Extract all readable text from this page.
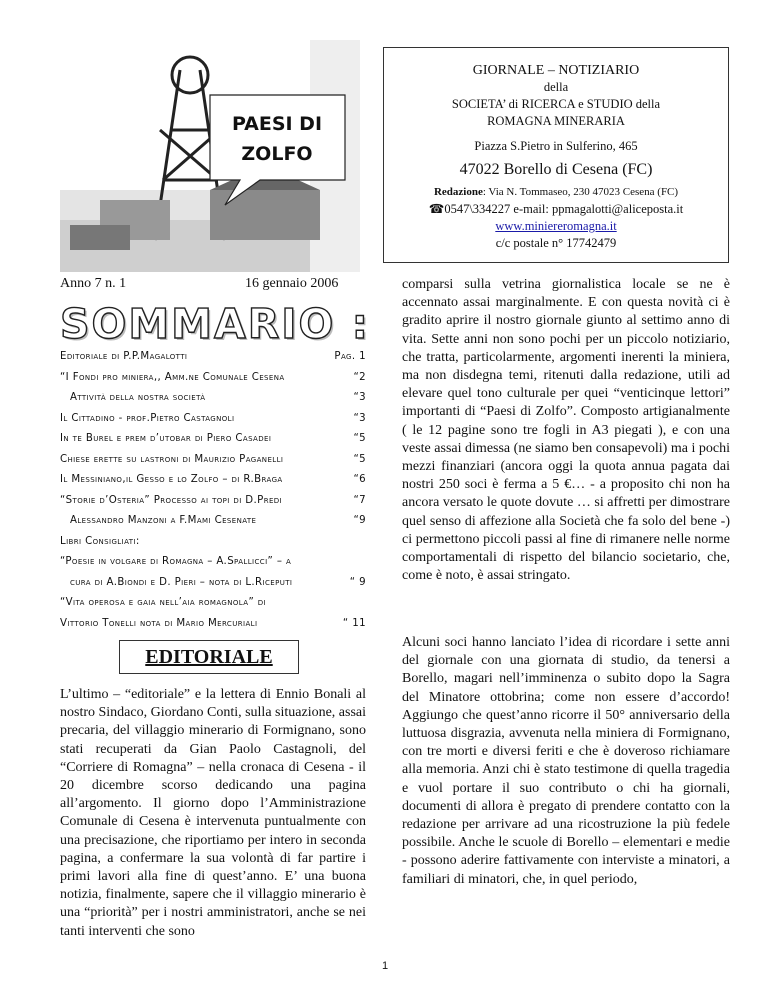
PAESI DI
ZOLFO
GIORNALE – NOTIZIARIO
della
SOCIETA’ di RICERCA e STUDIO della
ROMAGNA MINERARIA
Piazza S.Pietro in Sulferino, 465
47022 Borello di Cesena (FC)
Redazione: Via N. Tommaseo, 230 47023 Cesena (FC)
☎0547\334227 e-mail: ppmagalotti@aliceposta.it
www.miniereromagna.it
c/c postale n° 17742479
Anno 7 n. 1	16 gennaio 2006
SOMMARIO :
Editoriale di P.P.Magalotti	Pag. 1
“I Fondi pro miniera,, Amm.ne Comunale Cesena	“2
Attività della nostra società	“3
Il Cittadino - prof.Pietro Castagnoli	“3
In te Burel e prem d’utobar di Piero Casadei	“5
Chiese erette su lastroni di Maurizio Paganelli	“5
Il Messiniano,il Gesso e lo Zolfo – di R.Braga	“6
“Storie d’Osteria” Processo ai topi di D.Predi	“7
Alessandro Manzoni a F.Mami Cesenate	“9
Libri Consigliati:
“Poesie in volgare di Romagna – A.Spallicci” – a
cura di A.Biondi e D. Pieri – nota di L.Riceputi	“ 9
“Vita operosa e gaia nell’aia romagnola” di
Vittorio Tonelli nota di Mario Mercuriali	“ 11
EDITORIALE
L’ultimo – “editoriale” e la lettera di Ennio Bonali al nostro Sindaco, Giordano Conti, sulla situazione, assai precaria, del villaggio minerario di Formignano, sono stati recuperati da Gian Paolo Castagnoli, del “Corriere di Romagna” – nella cronaca di Cesena - il 20 dicembre scorso dedicando una pagina all’argomento. Il giorno dopo l’Amministrazione Comunale di Cesena è intervenuta puntualmente con una precisazione, che riportiamo per intero in seconda pagina, a confermare la sua volontà di far partire i primi lavori alla fine di quest’anno. E’ una buona notizia, finalmente, sapere che il villaggio minerario è una “priorità” per i nostri amministratori, anche se nei tanti interventi che sono
comparsi sulla vetrina giornalistica locale se ne è accennato assai marginalmente. E con questa novità ci è gradito aprire il nostro giornale giunto al settimo anno di vita. Sette anni non sono pochi per un piccolo notiziario, che tratta, particolarmente, argomenti inerenti la miniera, ma non disdegna temi, ritenuti dalla redazione, utili ad elevare quel tono culturale per quei “venticinque lettori” importanti di “Paesi di Zolfo”. Composto artigianalmente ( le 12 pagine sono tre fogli in A3 piegati ), e con una veste assai dimessa (ne siamo ben consapevoli) ma i pochi mezzi finanziari (ancora oggi la quota annua pagata dai nostri 250 soci è ferma a 5 €… - a proposito chi non ha ancora versato le quote dovute … si affretti per dimostrare quel senso di affezione alla Società che fa solo del bene -) ci permettono piccoli passi al fine di rimanere nelle norme comportamentali di rispetto del bilancio societario, che, come è noto, è assai stringato.
Alcuni soci hanno lanciato l’idea di ricordare i sette anni del giornale con una giornata di studio, da tenersi a Borello, magari nell’imminenza o subito dopo la Sagra del Minatore ottobrina; come non essere d’accordo! Aggiungo che quest’anno ricorre il 50° anniversario della luttuosa disgrazia, avvenuta nella miniera di Formignano, con tre morti e diversi feriti e che è doveroso richiamare alla memoria. Anzi chi è stato testimone di quella tragedia e vuol portare il suo contributo o chi ha giornali, documenti di allora è pregato di prendere contatto con la redazione per arrivare ad una ricostruzione la più fedele possibile. Anche le scuole di Borello – elementari e medie - possono aderire fattivamente con interviste a minatori, a familiari di minatori, che, in quel periodo,
1
